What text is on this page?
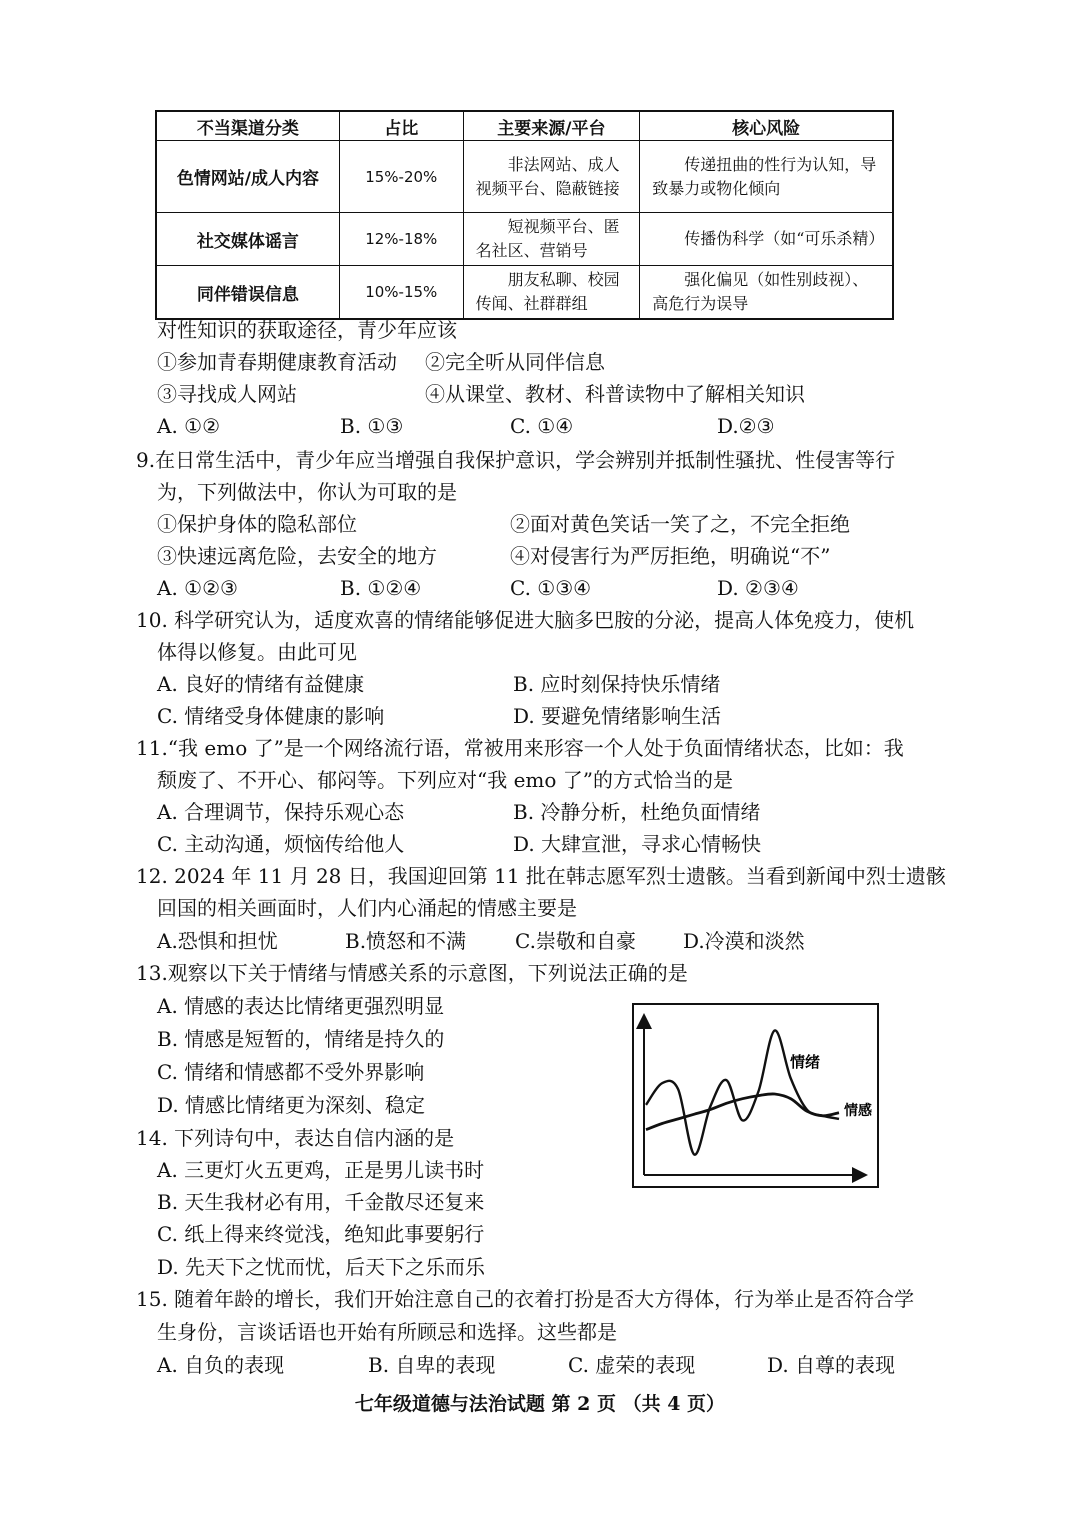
不当渠道分类	占比	主要来源/平台	核心风险
色情网站/成人内容	15%-20%	非法网站、成人视频平台、隐蔽链接	传递扭曲的性行为认知，导致暴力或物化倾向

社交媒体谣言	12%-18%	短视频平台、匿名社区、营销号	传播伪科学（如“可乐杀精）

同伴错误信息	10%-15%	朋友私聊、校园传闻、社群群组	强化偏见（如性别歧视）、高危行为误导
对性知识的获取途径，青少年应该
①参加青春期健康教育活动 ②完全听从同伴信息
③寻找成人网站	④从课堂、教材、科普读物中了解相关知识
A. ①②	B. ①③	C. ①④	D.②③
9.在日常生活中，青少年应当增强自我保护意识，学会辨别并抵制性骚扰、性侵害等行
为，下列做法中，你认为可取的是
①保护身体的隐私部位	②面对黄色笑话一笑了之，不完全拒绝
③快速远离危险，去安全的地方	④对侵害行为严厉拒绝，明确说“不”
A. ①②③	B. ①②④	C. ①③④	D. ②③④
10. 科学研究认为，适度欢喜的情绪能够促进大脑多巴胺的分泌，提高人体免疫力，使机
体得以修复。由此可见
A. 良好的情绪有益健康	B. 应时刻保持快乐情绪
C. 情绪受身体健康的影响	D. 要避免情绪影响生活
11.“我 emo 了”是一个网络流行语，常被用来形容一个人处于负面情绪状态，比如：我
颓废了、不开心、郁闷等。下列应对“我 emo 了”的方式恰当的是
A. 合理调节，保持乐观心态	B. 冷静分析，杜绝负面情绪
C. 主动沟通，烦恼传给他人	D. 大肆宣泄，寻求心情畅快
12. 2024 年 11 月 28 日，我国迎回第 11 批在韩志愿军烈士遗骸。当看到新闻中烈士遗骸
回国的相关画面时，人们内心涌起的情感主要是
A.恐惧和担忧	B.愤怒和不满 C.崇敬和自豪 D.冷漠和淡然
13.观察以下关于情绪与情感关系的示意图，下列说法正确的是
A. 情感的表达比情绪更强烈明显
B. 情感是短暂的，情绪是持久的
C. 情绪和情感都不受外界影响
D. 情感比情绪更为深刻、稳定
情绪
情感
14. 下列诗句中，表达自信内涵的是
A. 三更灯火五更鸡，正是男儿读书时
B. 天生我材必有用，千金散尽还复来
C. 纸上得来终觉浅，绝知此事要躬行
D. 先天下之忧而忧，后天下之乐而乐
15. 随着年龄的增长，我们开始注意自己的衣着打扮是否大方得体，行为举止是否符合学
生身份，言谈话语也开始有所顾忌和选择。这些都是
A. 自负的表现	B. 自卑的表现	C. 虚荣的表现	D. 自尊的表现
七年级道德与法治试题 第 2 页 （共 4 页）
